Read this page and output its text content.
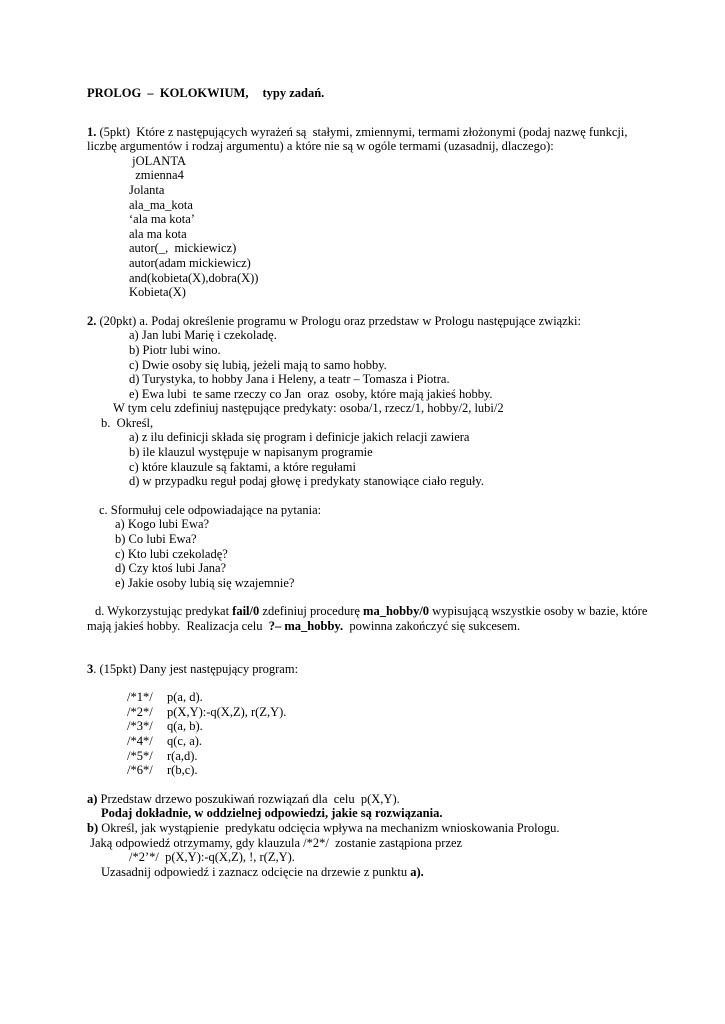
PROLOG  –  KOLOKWIUM, typy zadań.
1. (5pkt)  Które z następujących wyrażeń są  stałymi, zmiennymi, termami złożonymi (podaj nazwę funkcji,
liczbę argumentów i rodzaj argumentu) a które nie są w ogóle termami (uzasadnij, dlaczego):
jOLANTA
zmienna4
Jolanta
ala_ma_kota
‘ala ma kota’
ala ma kota
autor(_,  mickiewicz)
autor(adam mickiewicz)
and(kobieta(X),dobra(X))
Kobieta(X)
2. (20pkt) a. Podaj określenie programu w Prologu oraz przedstaw w Prologu następujące związki:
a) Jan lubi Marię i czekoladę.
b) Piotr lubi wino.
c) Dwie osoby się lubią, jeżeli mają to samo hobby.
d) Turystyka, to hobby Jana i Heleny, a teatr – Tomasza i Piotra.
e) Ewa lubi  te same rzeczy co Jan  oraz  osoby, które mają jakieś hobby.
W tym celu zdefiniuj następujące predykaty: osoba/1, rzecz/1, hobby/2, lubi/2
b.  Określ,
a) z ilu definicji składa się program i definicje jakich relacji zawiera
b) ile klauzul występuje w napisanym programie
c) które klauzule są faktami, a które regułami
d) w przypadku reguł podaj głowę i predykaty stanowiące ciało reguły.
c. Sformułuj cele odpowiadające na pytania:
a) Kogo lubi Ewa?
b) Co lubi Ewa?
c) Kto lubi czekoladę?
d) Czy ktoś lubi Jana?
e) Jakie osoby lubią się wzajemnie?
d. Wykorzystując predykat fail/0 zdefiniuj procedurę ma_hobby/0 wypisującą wszystkie osoby w bazie, które
mają jakieś hobby.  Realizacja celu  ?– ma_hobby.  powinna zakończyć się sukcesem.
3. (15pkt) Dany jest następujący program:
/*1*/ p(a, d).
/*2*/ p(X,Y):-q(X,Z), r(Z,Y).
/*3*/ q(a, b).
/*4*/ q(c, a).
/*5*/ r(a,d).
/*6*/ r(b,c).
a) Przedstaw drzewo poszukiwań rozwiązań dla  celu  p(X,Y).
Podaj dokładnie, w oddzielnej odpowiedzi, jakie są rozwiązania.
b) Określ, jak wystąpienie  predykatu odcięcia wpływa na mechanizm wnioskowania Prologu.
Jaką odpowiedź otrzymamy, gdy klauzula /*2*/  zostanie zastąpiona przez
/*2’*/  p(X,Y):-q(X,Z), !, r(Z,Y).
Uzasadnij odpowiedź i zaznacz odcięcie na drzewie z punktu a).
